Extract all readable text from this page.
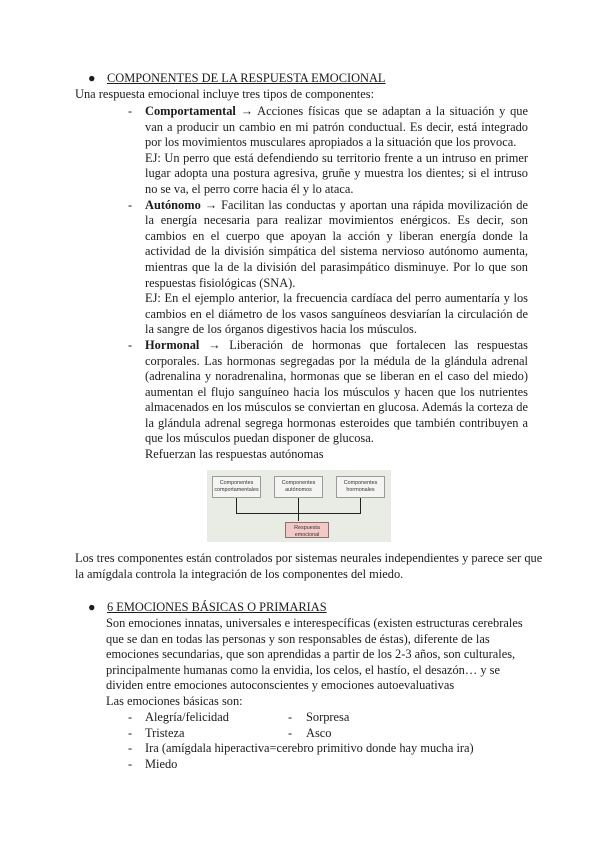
● COMPONENTES DE LA RESPUESTA EMOCIONAL
Una respuesta emocional incluye tres tipos de componentes:
- Comportamental → Acciones físicas que se adaptan a la situación y que van a producir un cambio en mi patrón conductual. Es decir, está integrado por los movimientos musculares apropiados a la situación que los provoca.

EJ: Un perro que está defendiendo su territorio frente a un intruso en primer lugar adopta una postura agresiva, gruñe y muestra los dientes; si el intruso no se va, el perro corre hacia él y lo ataca.

- Autónomo → Facilitan las conductas y aportan una rápida movilización de la energía necesaria para realizar movimientos enérgicos. Es decir, son cambios en el cuerpo que apoyan la acción y liberan energía donde la actividad de la división simpática del sistema nervioso autónomo aumenta, mientras que la de la división del parasimpático disminuye. Por lo que son respuestas fisiológicas (SNA).

EJ: En el ejemplo anterior, la frecuencia cardíaca del perro aumentaría y los cambios en el diámetro de los vasos sanguíneos desviarían la circulación de la sangre de los órganos digestivos hacia los músculos.

- Hormonal → Liberación de hormonas que fortalecen las respuestas corporales. Las hormonas segregadas por la médula de la glándula adrenal (adrenalina y noradrenalina, hormonas que se liberan en el caso del miedo) aumentan el flujo sanguíneo hacia los músculos y hacen que los nutrientes almacenados en los músculos se conviertan en glucosa. Además la corteza de la glándula adrenal segrega hormonas esteroides que también contribuyen a que los músculos puedan disponer de glucosa.

Refuerzan las respuestas autónomas

Componentes comportamentales
Componentes autónomos
Componentes hormonales
Respuesta emocional

Los tres componentes están controlados por sistemas neurales independientes y parece ser que la amígdala controla la integración de los componentes del miedo.

● 6 EMOCIONES BÁSICAS O PRIMARIAS

Son emociones innatas, universales e interespecíficas (existen estructuras cerebrales que se dan en todas las personas y son responsables de éstas), diferente de las emociones secundarias, que son aprendidas a partir de los 2-3 años, son culturales, principalmente humanas como la envidia, los celos, el hastío, el desazón… y se dividen entre emociones autoconscientes y emociones autoevaluativas

Las emociones básicas son:
- Alegría/felicidad	- Sorpresa
- Tristeza	- Asco
- Ira (amígdala hiperactiva=cerebro primitivo donde hay mucha ira)
- Miedo
